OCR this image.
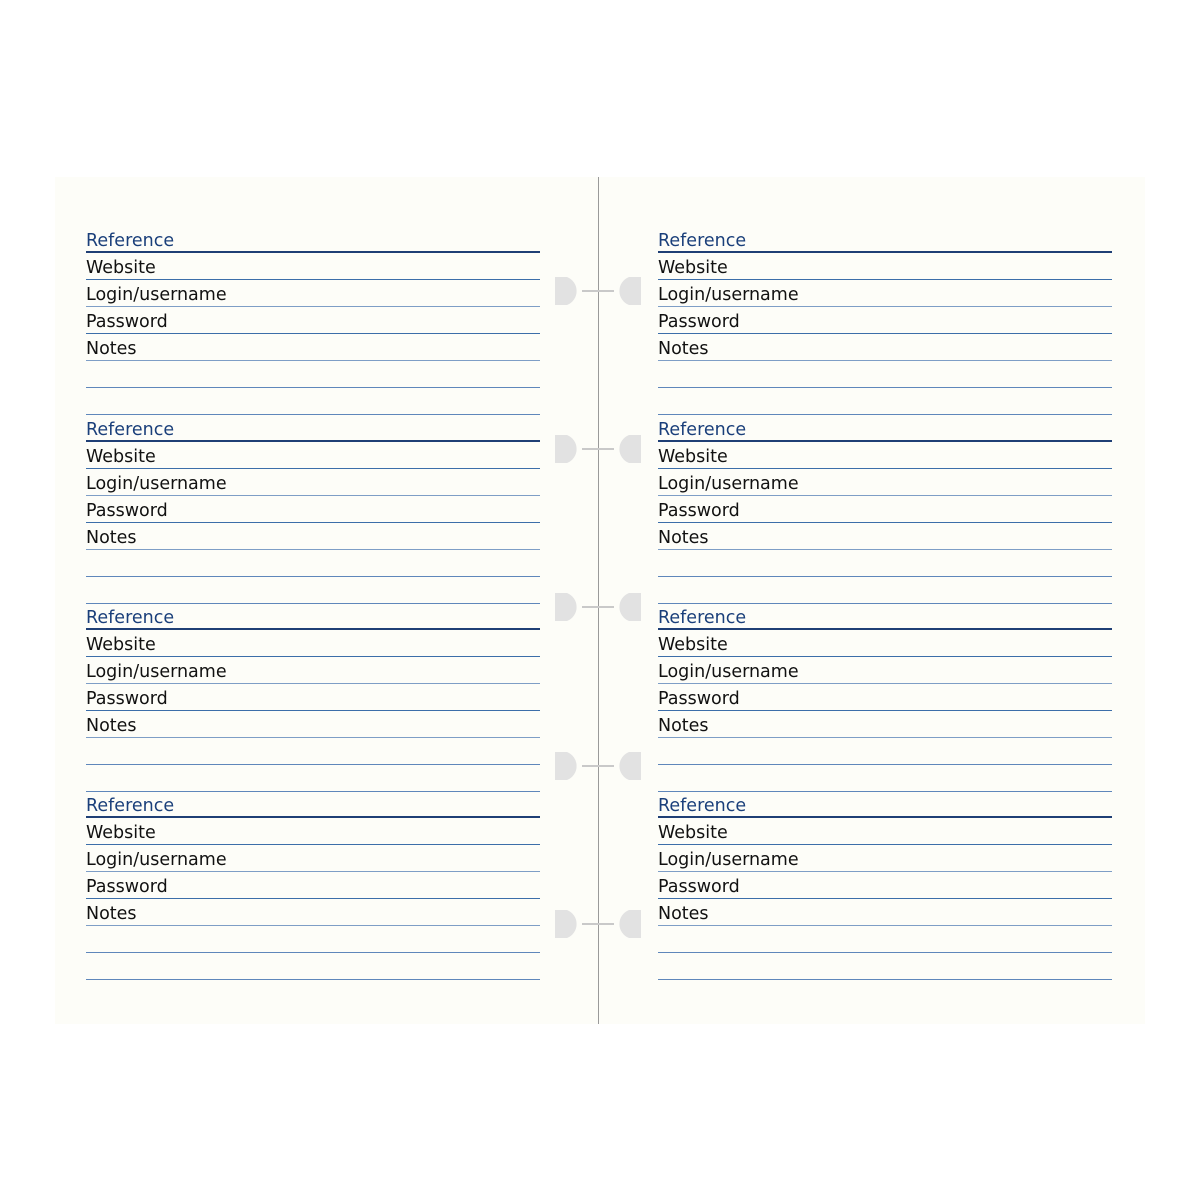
Reference
Website
Login/username
Password
Notes
Reference
Website
Login/username
Password
Notes
Reference
Website
Login/username
Password
Notes
Reference
Website
Login/username
Password
Notes
Reference
Website
Login/username
Password
Notes
Reference
Website
Login/username
Password
Notes
Reference
Website
Login/username
Password
Notes
Reference
Website
Login/username
Password
Notes
